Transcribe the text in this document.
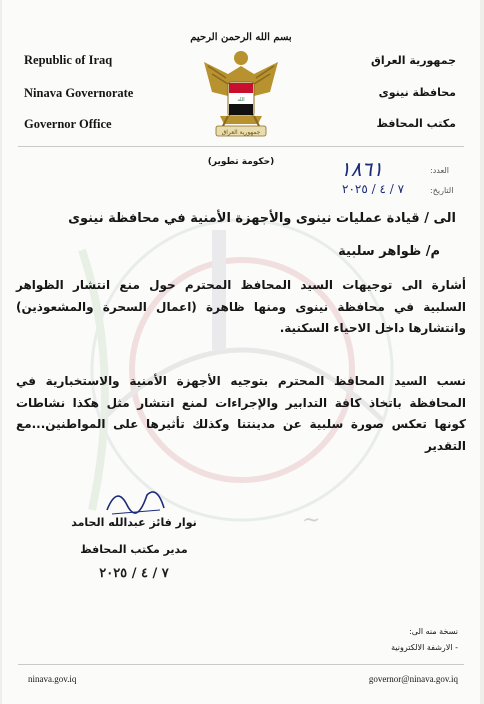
بسم الله الرحمن الرحيم
الله
جمهورية العراق
Republic of Iraq
Ninava Governorate
Governor Office
جمهورية العراق
محافظة نينوى
مكتب المحافظ
(حكومة تطوير)
العدد:
١٨٦١
التاريخ:
٧ / ٤ / ٢٠٢٥
الى / قيادة عمليات نينوى والأجهزة الأمنية في محافظة نينوى
م/ ظواهر سلبية
أشارة الى توجيهات السيد المحافظ المحترم حول منع انتشار الظواهر السلبية في محافظة نينوى ومنها ظاهرة (اعمال السحرة والمشعوذين) وانتشارها داخل الاحياء السكنية.
نسب السيد المحافظ المحترم بتوجيه الأجهزة الأمنية والاستخبارية في المحافظة باتخاذ كافة التدابير والإجراءات لمنع انتشار مثل هكذا نشاطات كونها تعكس صورة سلبية عن مدينتنا وكذلك تأثيرها على المواطنين...مع التقدير
~
نوار فائز عبدالله الحامد
مدير مكتب المحافظ
٧ / ٤ / ٢٠٢٥
نسخة منه الى:
- الارشفة الالكترونية
ninava.gov.iq	governor@ninava.gov.iq
